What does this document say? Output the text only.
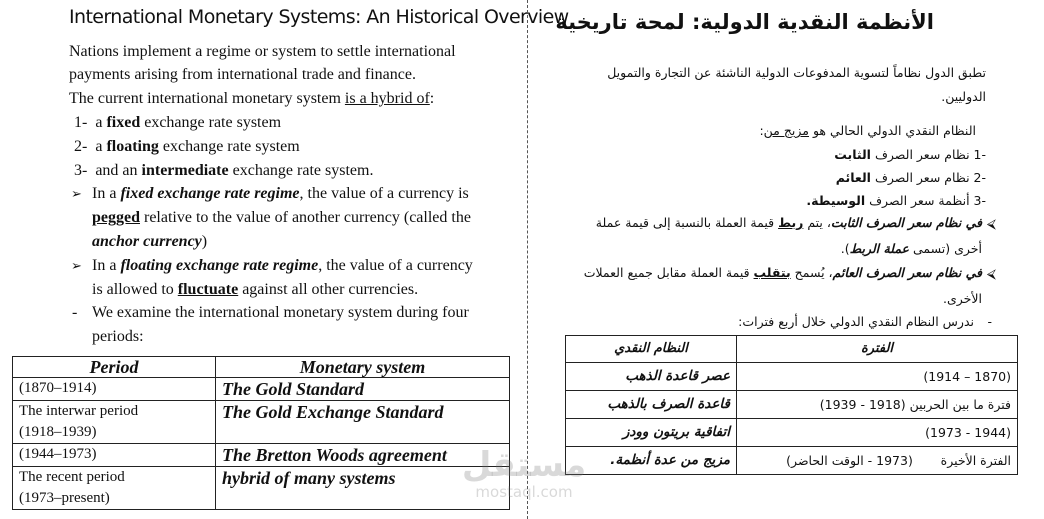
International Monetary Systems: An Historical Overview
Nations implement a regime or system to settle international
payments arising from international trade and finance.
The current international monetary system is a hybrid of:
1- a fixed exchange rate system
2- a floating exchange rate system
3- and an intermediate exchange rate system.
➢ In a fixed exchange rate regime, the value of a currency is
pegged relative to the value of another currency (called the
anchor currency)
➢ In a floating exchange rate regime, the value of a currency
is allowed to fluctuate against all other currencies.
- We examine the international monetary system during four
periods:
Period	Monetary system
(1870–1914)	The Gold Standard
The interwar period
(1918–1939)	The Gold Exchange Standard
(1944–1973)	The Bretton Woods agreement
The recent period
(1973–present)	hybrid of many systems
الأنظمة النقدية الدولية: لمحة تاريخية
تطبق الدول نظاماً لتسوية المدفوعات الدولية الناشئة عن التجارة والتمويل
الدوليين.
النظام النقدي الدولي الحالي هو مزيج من:
-1 نظام سعر الصرف الثابت
-2 نظام سعر الصرف العائم
-3 أنظمة سعر الصرف الوسيطة.
⮘
في نظام سعر الصرف الثابت، يتم ربط قيمة العملة بالنسبة إلى قيمة عملة
أخرى (تسمى عملة الربط).
⮘
في نظام سعر الصرف العائم، يُسمح بتقلب قيمة العملة مقابل جميع العملات
الأخرى.
-
ندرس النظام النقدي الدولي خلال أربع فترات:
الفترة	النظام النقدي
(1870 – 1914)	عصر قاعدة الذهب
فترة ما بين الحربين (1918 - 1939)	قاعدة الصرف بالذهب
(1944 - 1973)	اتفاقية بريتون وودز
الفترة الأخيرة       (1973 - الوقت الحاضر)	مزيج من عدة أنظمة.
مستقل
mostaql.com
